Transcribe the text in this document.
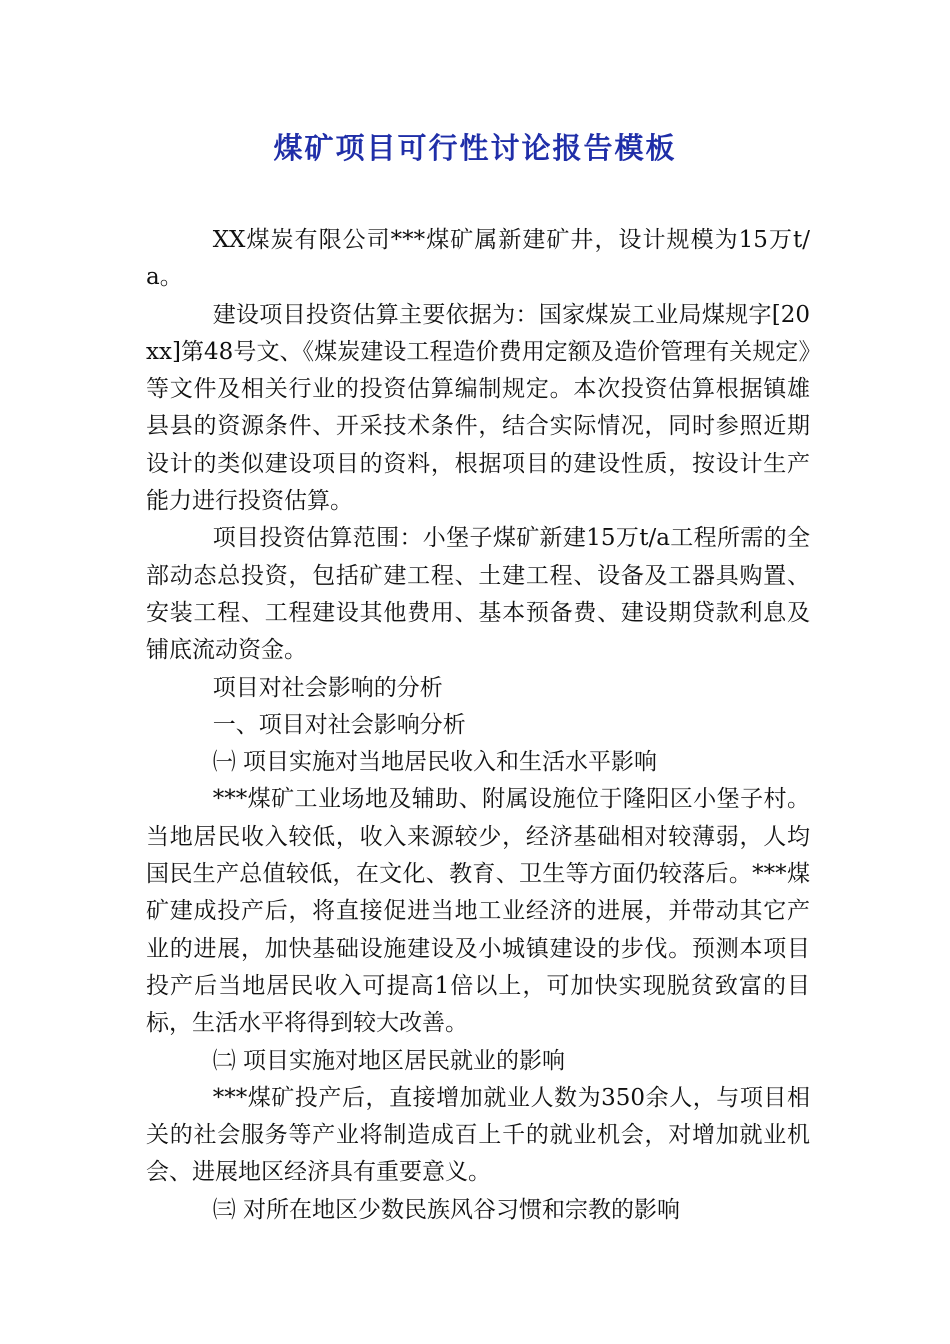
煤矿项目可行性讨论报告模板

XX煤炭有限公司***煤矿属新建矿井，设计规模为15万t/a。

建设项目投资估算主要依据为：国家煤炭工业局煤规字[20xx]第48号文、《煤炭建设工程造价费用定额及造价管理有关规定》等文件及相关行业的投资估算编制规定。本次投资估算根据镇雄县县的资源条件、开采技术条件，结合实际情况，同时参照近期设计的类似建设项目的资料，根据项目的建设性质，按设计生产能力进行投资估算。

项目投资估算范围：小堡子煤矿新建15万t/a工程所需的全部动态总投资，包括矿建工程、土建工程、设备及工器具购置、安装工程、工程建设其他费用、基本预备费、建设期贷款利息及铺底流动资金。

项目对社会影响的分析

一、项目对社会影响分析

㈠ 项目实施对当地居民收入和生活水平影响

***煤矿工业场地及辅助、附属设施位于隆阳区小堡子村。当地居民收入较低，收入来源较少，经济基础相对较薄弱，人均国民生产总值较低，在文化、教育、卫生等方面仍较落后。***煤矿建成投产后，将直接促进当地工业经济的进展，并带动其它产业的进展，加快基础设施建设及小城镇建设的步伐。预测本项目投产后当地居民收入可提高1倍以上，可加快实现脱贫致富的目标，生活水平将得到较大改善。

㈡ 项目实施对地区居民就业的影响

***煤矿投产后，直接增加就业人数为350余人，与项目相关的社会服务等产业将制造成百上千的就业机会，对增加就业机会、进展地区经济具有重要意义。

㈢ 对所在地区少数民族风谷习惯和宗教的影响
